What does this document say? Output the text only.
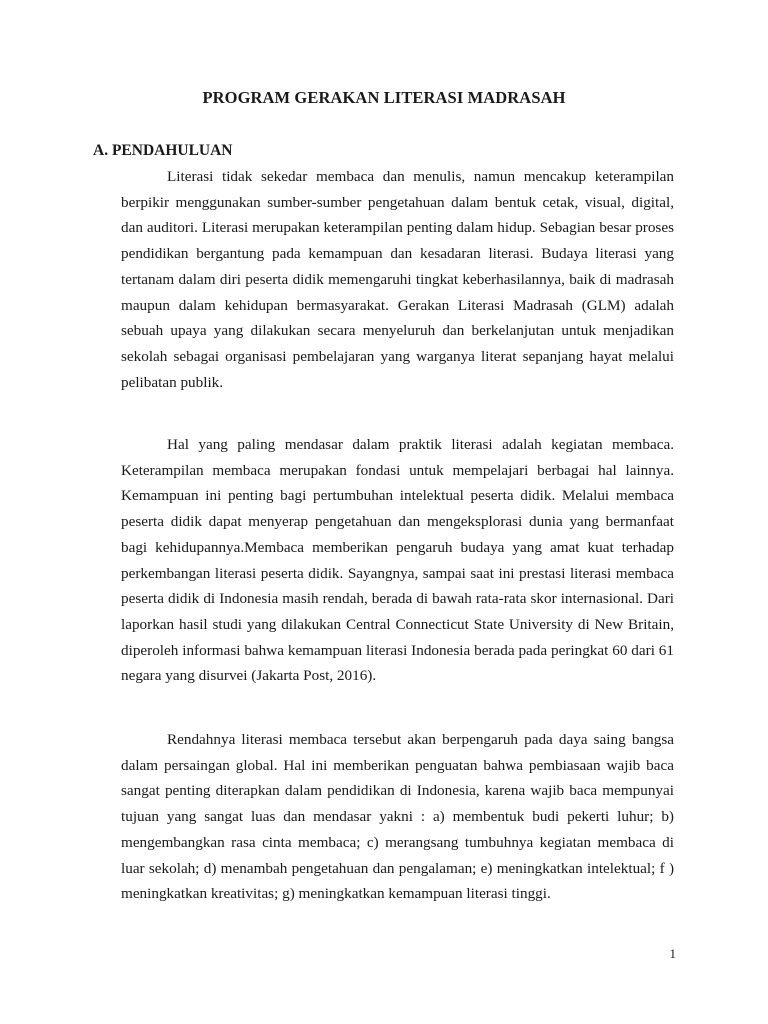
PROGRAM GERAKAN LITERASI MADRASAH
A. PENDAHULUAN

Literasi tidak sekedar membaca dan menulis, namun mencakup keterampilan berpikir menggunakan sumber-sumber pengetahuan dalam bentuk cetak, visual, digital, dan auditori. Literasi merupakan keterampilan penting dalam hidup. Sebagian besar proses pendidikan bergantung pada kemampuan dan kesadaran literasi. Budaya literasi yang tertanam dalam diri peserta didik memengaruhi tingkat keberhasilannya, baik di madrasah maupun dalam kehidupan bermasyarakat. Gerakan Literasi Madrasah (GLM) adalah sebuah upaya yang dilakukan secara menyeluruh dan berkelanjutan untuk menjadikan sekolah sebagai organisasi pembelajaran yang warganya literat sepanjang hayat melalui pelibatan publik.

Hal yang paling mendasar dalam praktik literasi adalah kegiatan membaca. Keterampilan membaca merupakan fondasi untuk mempelajari berbagai hal lainnya. Kemampuan ini penting bagi pertumbuhan intelektual peserta didik. Melalui membaca peserta didik dapat menyerap pengetahuan dan mengeksplorasi dunia yang bermanfaat bagi kehidupannya.Membaca memberikan pengaruh budaya yang amat kuat terhadap perkembangan literasi peserta didik. Sayangnya, sampai saat ini prestasi literasi membaca peserta didik di Indonesia masih rendah, berada di bawah rata-rata skor internasional. Dari laporkan hasil studi yang dilakukan Central Connecticut State University di New Britain, diperoleh informasi bahwa kemampuan literasi Indonesia berada pada peringkat 60 dari 61 negara yang disurvei (Jakarta Post, 2016).

Rendahnya literasi membaca tersebut akan berpengaruh pada daya saing bangsa dalam persaingan global. Hal ini memberikan penguatan bahwa pembiasaan wajib baca sangat penting diterapkan dalam pendidikan di Indonesia, karena wajib baca mempunyai tujuan yang sangat luas dan mendasar yakni : a) membentuk budi pekerti luhur; b) mengembangkan rasa cinta membaca; c) merangsang tumbuhnya kegiatan membaca di luar sekolah; d) menambah pengetahuan dan pengalaman; e) meningkatkan intelektual; f ) meningkatkan kreativitas; g) meningkatkan kemampuan literasi tinggi.

1
